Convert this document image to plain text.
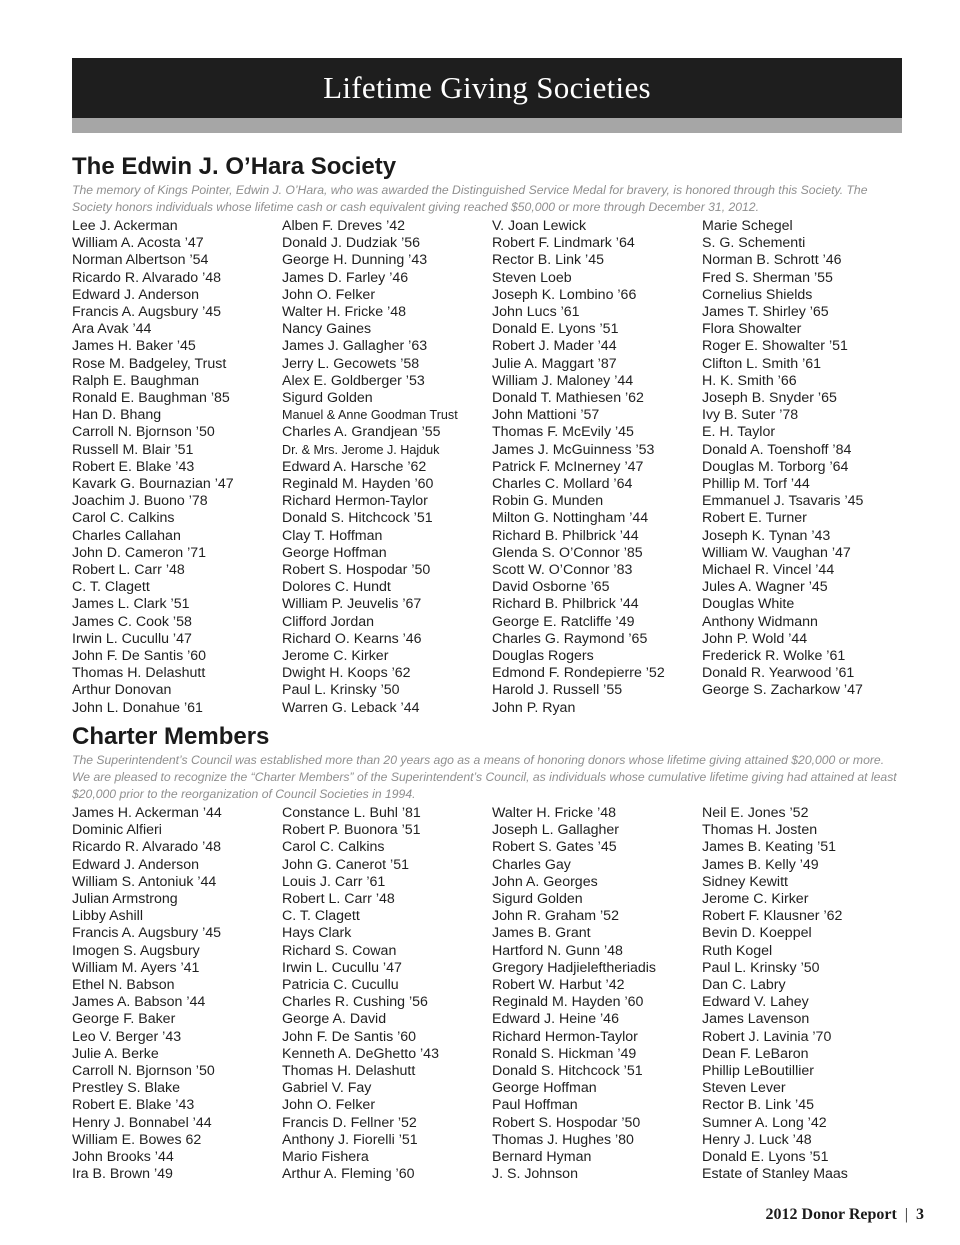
Lifetime Giving Societies
The Edwin J. O’Hara Society

The memory of Kings Pointer, Edwin J. O’Hara, who was awarded the Distinguished Service Medal for bravery, is honored through this Society. The Society honors individuals whose lifetime cash or cash equivalent giving reached $50,000 or more through December 31, 2012.

Lee J. Ackerman
William A. Acosta ’47
Norman Albertson ’54
Ricardo R. Alvarado ’48
Edward J. Anderson
Francis A. Augsbury ’45
Ara Avak ’44
James H. Baker ’45
Rose M. Badgeley, Trust
Ralph E. Baughman
Ronald E. Baughman ’85
Han D. Bhang
Carroll N. Bjornson ’50
Russell M. Blair ’51
Robert E. Blake ’43
Kavark G. Bournazian ’47
Joachim J. Buono ’78
Carol C. Calkins
Charles Callahan
John D. Cameron ’71
Robert L. Carr ’48
C. T. Clagett
James L. Clark ’51
James C. Cook ’58
Irwin L. Cucullu ’47
John F. De Santis ’60
Thomas H. Delashutt
Arthur Donovan
John L. Donahue ’61
Alben F. Dreves ’42
Donald J. Dudziak ’56
George H. Dunning ’43
James D. Farley ’46
John O. Felker
Walter H. Fricke ’48
Nancy Gaines
James J. Gallagher ’63
Jerry L. Gecowets ’58
Alex E. Goldberger ’53
Sigurd Golden
Manuel & Anne Goodman Trust
Charles A. Grandjean ’55
Dr. & Mrs. Jerome J. Hajduk
Edward A. Harsche ’62
Reginald M. Hayden ’60
Richard Hermon-Taylor
Donald S. Hitchcock ’51
Clay T. Hoffman
George Hoffman
Robert S. Hospodar ’50
Dolores C. Hundt
William P. Jeuvelis ’67
Clifford Jordan
Richard O. Kearns ’46
Jerome C. Kirker
Dwight H. Koops ’62
Paul L. Krinsky ’50
Warren G. Leback ’44
V. Joan Lewick
Robert F. Lindmark ’64
Rector B. Link ’45
Steven Loeb
Joseph K. Lombino ’66
John Lucs ’61
Donald E. Lyons ’51
Robert J. Mader ’44
Julie A. Maggart ’87
William J. Maloney ’44
Donald T. Mathiesen ’62
John Mattioni ’57
Thomas F. McEvily ’45
James J. McGuinness ’53
Patrick F. McInerney ’47
Charles C. Mollard ’64
Robin G. Munden
Milton G. Nottingham ’44
Richard B. Philbrick ’44
Glenda S. O’Connor ’85
Scott W. O’Connor ’83
David Osborne ’65
Richard B. Philbrick ’44
George E. Ratcliffe ’49
Charles G. Raymond ’65
Douglas Rogers
Edmond F. Rondepierre ’52
Harold J. Russell ’55
John P. Ryan
Marie Schegel
S. G. Schementi
Norman B. Schrott ’46
Fred S. Sherman ’55
Cornelius Shields
James T. Shirley ’65
Flora Showalter
Roger E. Showalter ’51
Clifton L. Smith ’61
H. K. Smith ’66
Joseph B. Snyder ’65
Ivy B. Suter ’78
E. H. Taylor
Donald A. Toenshoff ’84
Douglas M. Torborg ’64
Phillip M. Torf ’44
Emmanuel J. Tsavaris ’45
Robert E. Turner
Joseph K. Tynan ’43
William W. Vaughan ’47
Michael R. Vincel ’44
Jules A. Wagner ’45
Douglas White
Anthony Widmann
John P. Wold ’44
Frederick R. Wolke ’61
Donald R. Yearwood ’61
George S. Zacharkow ’47
Charter Members

The Superintendent’s Council was established more than 20 years ago as a means of honoring donors whose lifetime giving attained $20,000 or more. We are pleased to recognize the “Charter Members” of the Superintendent’s Council, as individuals whose cumulative lifetime giving had attained at least $20,000 prior to the reorganization of Council Societies in 1994.

James H. Ackerman ’44
Dominic Alfieri
Ricardo R. Alvarado ’48
Edward J. Anderson
William S. Antoniuk ’44
Julian Armstrong
Libby Ashill
Francis A. Augsbury ’45
Imogen S. Augsbury
William M. Ayers ’41
Ethel N. Babson
James A. Babson ’44
George F. Baker
Leo V. Berger ’43
Julie A. Berke
Carroll N. Bjornson ’50
Prestley S. Blake
Robert E. Blake ’43
Henry J. Bonnabel ’44
William E. Bowes 62
John Brooks ’44
Ira B. Brown ’49
Constance L. Buhl ’81
Robert P. Buonora ’51
Carol C. Calkins
John G. Canerot ’51
Louis J. Carr ’61
Robert L. Carr ’48
C. T. Clagett
Hays Clark
Richard S. Cowan
Irwin L. Cucullu ’47
Patricia C. Cucullu
Charles R. Cushing ’56
George A. David
John F. De Santis ’60
Kenneth A. DeGhetto ’43
Thomas H. Delashutt
Gabriel V. Fay
John O. Felker
Francis D. Fellner ’52
Anthony J. Fiorelli ’51
Mario Fishera
Arthur A. Fleming ’60
Walter H. Fricke ’48
Joseph L. Gallagher
Robert S. Gates ’45
Charles Gay
John A. Georges
Sigurd Golden
John R. Graham ’52
James B. Grant
Hartford N. Gunn ’48
Gregory Hadjieleftheriadis
Robert W. Harbut ’42
Reginald M. Hayden ’60
Edward J. Heine ’46
Richard Hermon-Taylor
Ronald S. Hickman ’49
Donald S. Hitchcock ’51
George Hoffman
Paul Hoffman
Robert S. Hospodar ’50
Thomas J. Hughes ’80
Bernard Hyman
J. S. Johnson
Neil E. Jones ’52
Thomas H. Josten
James B. Keating ’51
James B. Kelly ’49
Sidney Kewitt
Jerome C. Kirker
Robert F. Klausner ’62
Bevin D. Koeppel
Ruth Kogel
Paul L. Krinsky ’50
Dan C. Labry
Edward V. Lahey
James Lavenson
Robert J. Lavinia ’70
Dean F. LeBaron
Phillip LeBoutillier
Steven Lever
Rector B. Link ’45
Sumner A. Long ’42
Henry J. Luck ’48
Donald E. Lyons ’51
Estate of Stanley Maas
2012 Donor Report | 3
